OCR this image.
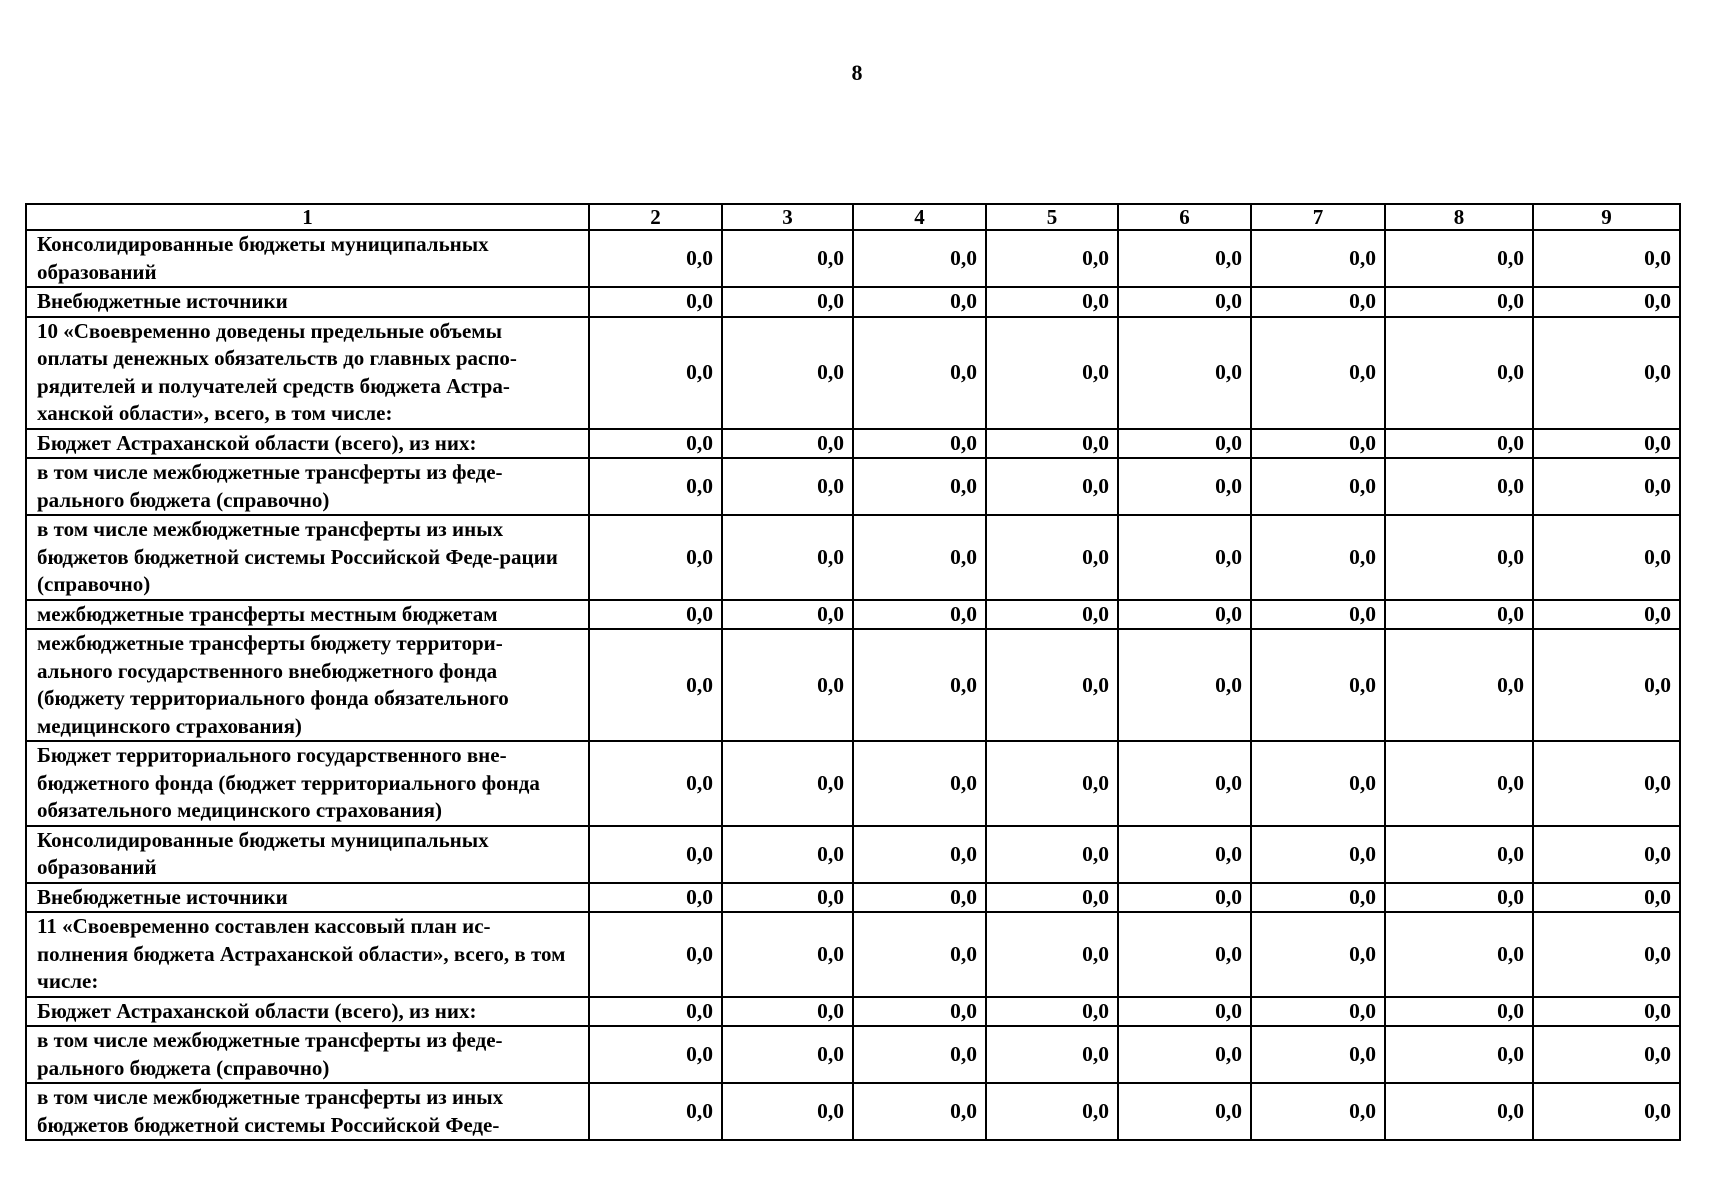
8
1	2	3	4	5	6	7	8	9
Консолидированные бюджеты муниципальных образований	0,0	0,0	0,0	0,0	0,0	0,0	0,0	0,0
Внебюджетные источники	0,0	0,0	0,0	0,0	0,0	0,0	0,0	0,0
10 «Своевременно доведены предельные объемы оплаты денежных обязательств до главных распо-рядителей и получателей средств бюджета Астра-ханской области», всего, в том числе:	0,0	0,0	0,0	0,0	0,0	0,0	0,0	0,0
Бюджет Астраханской области (всего), из них:	0,0	0,0	0,0	0,0	0,0	0,0	0,0	0,0
в том числе межбюджетные трансферты из феде-рального бюджета (справочно)	0,0	0,0	0,0	0,0	0,0	0,0	0,0	0,0
в том числе межбюджетные трансферты из иных бюджетов бюджетной системы Российской Феде-рации (справочно)	0,0	0,0	0,0	0,0	0,0	0,0	0,0	0,0
межбюджетные трансферты местным бюджетам	0,0	0,0	0,0	0,0	0,0	0,0	0,0	0,0
межбюджетные трансферты бюджету территори-ального государственного внебюджетного фонда (бюджету территориального фонда обязательного медицинского страхования)	0,0	0,0	0,0	0,0	0,0	0,0	0,0	0,0
Бюджет территориального государственного вне-бюджетного фонда (бюджет территориального фонда обязательного медицинского страхования)	0,0	0,0	0,0	0,0	0,0	0,0	0,0	0,0
Консолидированные бюджеты муниципальных образований	0,0	0,0	0,0	0,0	0,0	0,0	0,0	0,0
Внебюджетные источники	0,0	0,0	0,0	0,0	0,0	0,0	0,0	0,0
11 «Своевременно составлен кассовый план ис-полнения бюджета Астраханской области», всего, в том числе:	0,0	0,0	0,0	0,0	0,0	0,0	0,0	0,0
Бюджет Астраханской области (всего), из них:	0,0	0,0	0,0	0,0	0,0	0,0	0,0	0,0
в том числе межбюджетные трансферты из феде-рального бюджета (справочно)	0,0	0,0	0,0	0,0	0,0	0,0	0,0	0,0
в том числе межбюджетные трансферты из иных бюджетов бюджетной системы Российской Феде-	0,0	0,0	0,0	0,0	0,0	0,0	0,0	0,0
